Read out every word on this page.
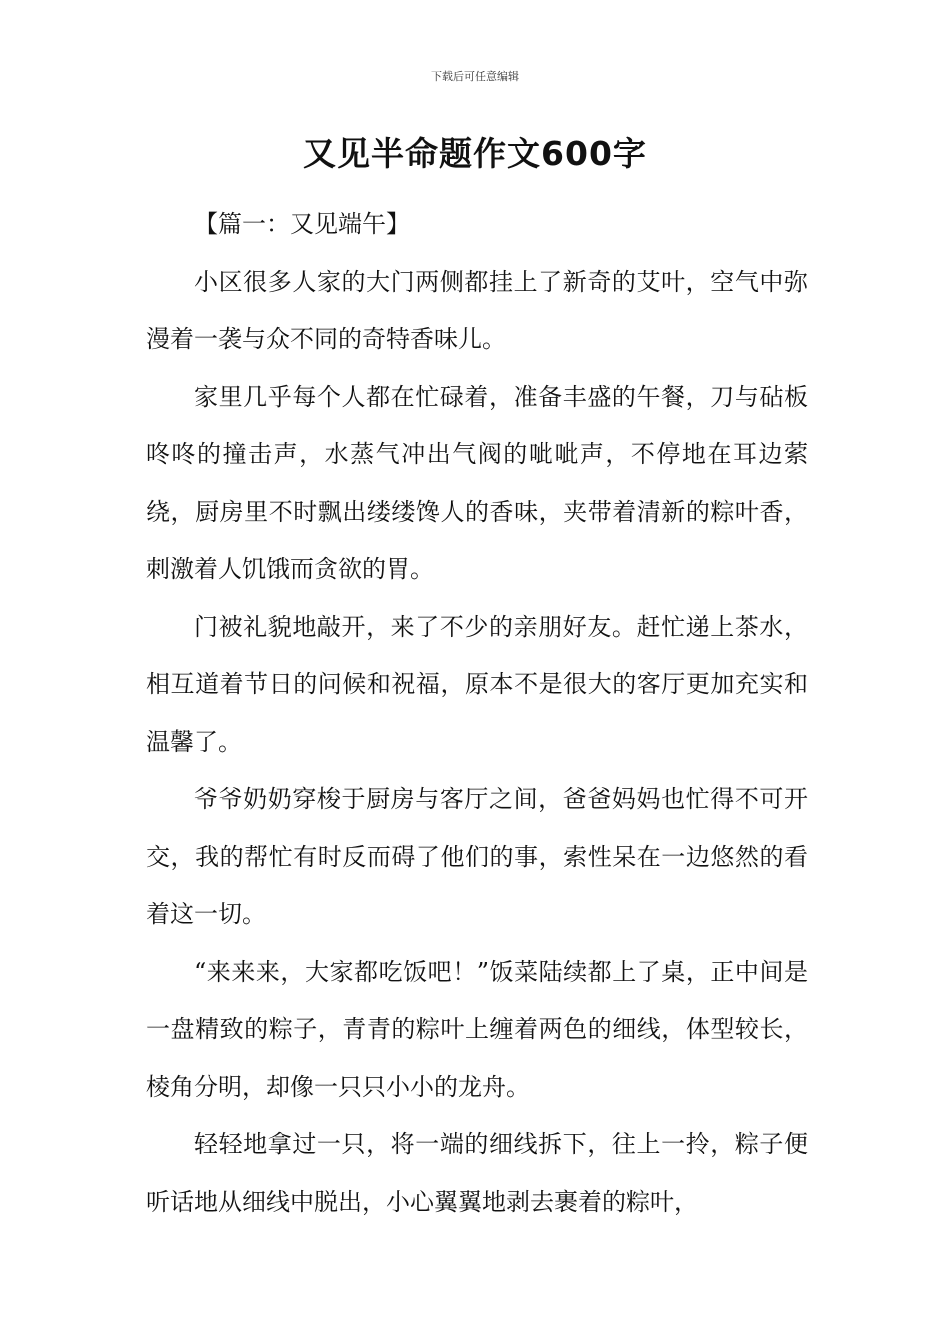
下载后可任意编辑
又见半命题作文600字

【篇一：又见端午】

小区很多人家的大门两侧都挂上了新奇的艾叶，空气中弥漫着一袭与众不同的奇特香味儿。

家里几乎每个人都在忙碌着，准备丰盛的午餐，刀与砧板咚咚的撞击声，水蒸气冲出气阀的呲呲声，不停地在耳边萦绕，厨房里不时飘出缕缕馋人的香味，夹带着清新的粽叶香，刺激着人饥饿而贪欲的胃。

门被礼貌地敲开，来了不少的亲朋好友。赶忙递上茶水，相互道着节日的问候和祝福，原本不是很大的客厅更加充实和温馨了。

爷爷奶奶穿梭于厨房与客厅之间，爸爸妈妈也忙得不可开交，我的帮忙有时反而碍了他们的事，索性呆在一边悠然的看着这一切。

“来来来，大家都吃饭吧！”饭菜陆续都上了桌，正中间是一盘精致的粽子，青青的粽叶上缠着两色的细线，体型较长，棱角分明，却像一只只小小的龙舟。

轻轻地拿过一只，将一端的细线拆下，往上一拎，粽子便听话地从细线中脱出，小心翼翼地剥去裹着的粽叶，
